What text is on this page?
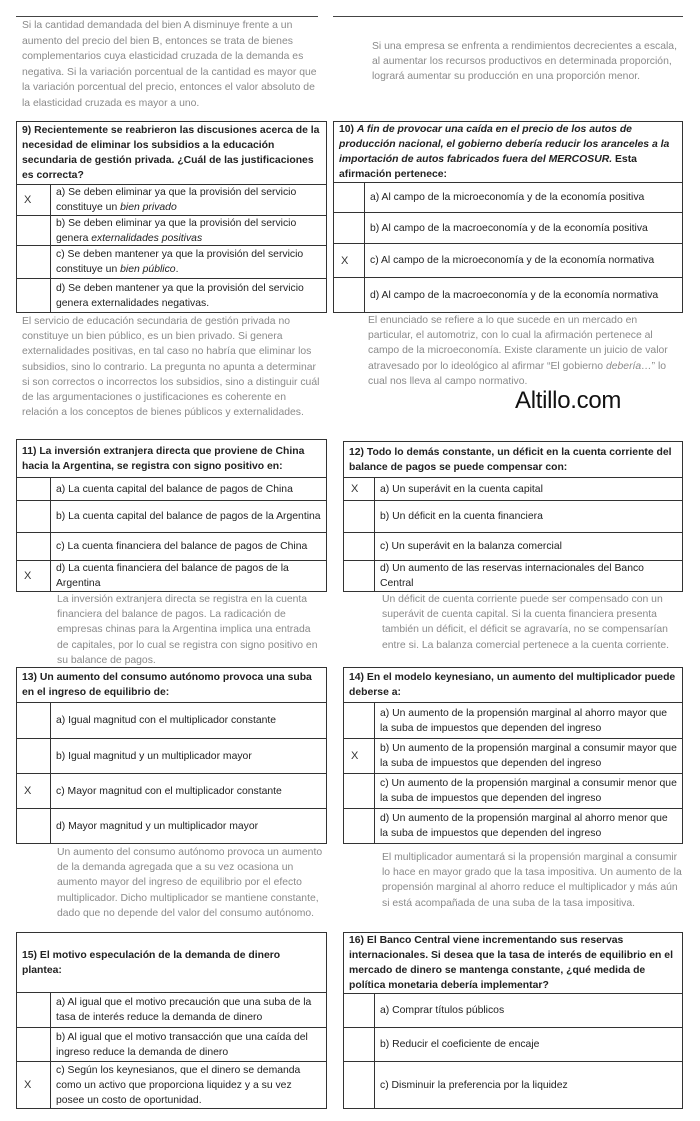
Si la cantidad demandada del bien A disminuye frente a un aumento del precio del bien B, entonces se trata de bienes complementarios cuya elasticidad cruzada de la demanda es negativa. Si la variación porcentual de la cantidad es mayor que la variación porcentual del precio, entonces el valor absoluto de la elasticidad cruzada es mayor a uno.
Si una empresa se enfrenta a rendimientos decrecientes a escala, al aumentar los recursos productivos en determinada proporción, logrará aumentar su producción en una proporción menor.
Altillo.com
9) Recientemente se reabrieron las discusiones acerca de la necesidad de eliminar los subsidios a la educación secundaria de gestión privada. ¿Cuál de las justificaciones es correcta?
X
a) Se deben eliminar ya que la provisión del servicio constituye un bien privado
b) Se deben eliminar ya que la provisión del servicio genera externalidades positivas
c) Se deben mantener ya que la provisión del servicio constituye un bien público.
d) Se deben mantener ya que la provisión del servicio genera externalidades negativas.
El servicio de educación secundaria de gestión privada no constituye un bien público, es un bien privado. Si genera externalidades positivas, en tal caso no habría que eliminar los subsidios, sino lo contrario. La pregunta no apunta a determinar si son correctos o incorrectos los subsidios, sino a distinguir cuál de las argumentaciones o justificaciones es coherente en relación a los conceptos de bienes públicos y externalidades.
10) A fin de provocar una caída en el precio de los autos de producción nacional, el gobierno debería reducir los aranceles a la importación de autos fabricados fuera del MERCOSUR. Esta afirmación pertenece:
a) Al campo de la microeconomía y de la economía positiva
b) Al campo de la macroeconomía y de la economía positiva
X c) Al campo de la microeconomía y de la economía normativa
d) Al campo de la macroeconomía y de la economía normativa
El enunciado se refiere a lo que sucede en un mercado en particular, el automotriz, con lo cual la afirmación pertenece al campo de la microeconomía. Existe claramente un juicio de valor atravesado por lo ideológico al afirmar “El gobierno debería…” lo cual nos lleva al campo normativo.
11) La inversión extranjera directa que proviene de China hacia la Argentina, se registra con signo positivo en:
a) La cuenta capital del balance de pagos de China
b) La cuenta capital del balance de pagos de la Argentina
c) La cuenta financiera del balance de pagos de China
X
d) La cuenta financiera del balance de pagos de la Argentina
La inversión extranjera directa se registra en la cuenta financiera del balance de pagos. La radicación de empresas chinas para la Argentina implica una entrada de capitales, por lo cual se registra con signo positivo en su balance de pagos.
12) Todo lo demás constante, un déficit en la cuenta corriente del balance de pagos se puede compensar con:
X a) Un superávit en la cuenta capital
b) Un déficit en la cuenta financiera
c) Un superávit en la balanza comercial
d) Un aumento de las reservas internacionales del Banco Central
Un déficit de cuenta corriente puede ser compensado con un superávit de cuenta capital. Si la cuenta financiera presenta también un déficit, el déficit se agravaría, no se compensarían entre si. La balanza comercial pertenece a la cuenta corriente.
13) Un aumento del consumo autónomo provoca una suba en el ingreso de equilibrio de:
a) Igual magnitud con el multiplicador constante
b) Igual magnitud y un multiplicador mayor
X c) Mayor magnitud con el multiplicador constante
d) Mayor magnitud y un multiplicador mayor
Un aumento del consumo autónomo provoca un aumento de la demanda agregada que a su vez ocasiona un aumento mayor del ingreso de equilibrio por el efecto multiplicador. Dicho multiplicador se mantiene constante, dado que no depende del valor del consumo autónomo.
14) En el modelo keynesiano, un aumento del multiplicador puede deberse a:
a) Un aumento de la propensión marginal al ahorro mayor que la suba de impuestos que dependen del ingreso
X
b) Un aumento de la propensión marginal a consumir mayor que la suba de impuestos que dependen del ingreso
c) Un aumento de la propensión marginal a consumir menor que la suba de impuestos que dependen del ingreso
d) Un aumento de la propensión marginal al ahorro menor que la suba de impuestos que dependen del ingreso
El multiplicador aumentará si la propensión marginal a consumir lo hace en mayor grado que la tasa impositiva. Un aumento de la propensión marginal al ahorro reduce el multiplicador y más aún si está acompañada de una suba de la tasa impositiva.
15) El motivo especulación de la demanda de dinero plantea:
a) Al igual que el motivo precaución que una suba de la tasa de interés reduce la demanda de dinero
b) Al igual que el motivo transacción que una caída del ingreso reduce la demanda de dinero
X
c) Según los keynesianos, que el dinero se demanda como un activo que proporciona liquidez y a su vez posee un costo de oportunidad.
16) El Banco Central viene incrementando sus reservas internacionales. Si desea que la tasa de interés de equilibrio en el mercado de dinero se mantenga constante, ¿qué medida de política monetaria debería implementar?
a) Comprar títulos públicos
b) Reducir el coeficiente de encaje
c) Disminuir la preferencia por la liquidez
